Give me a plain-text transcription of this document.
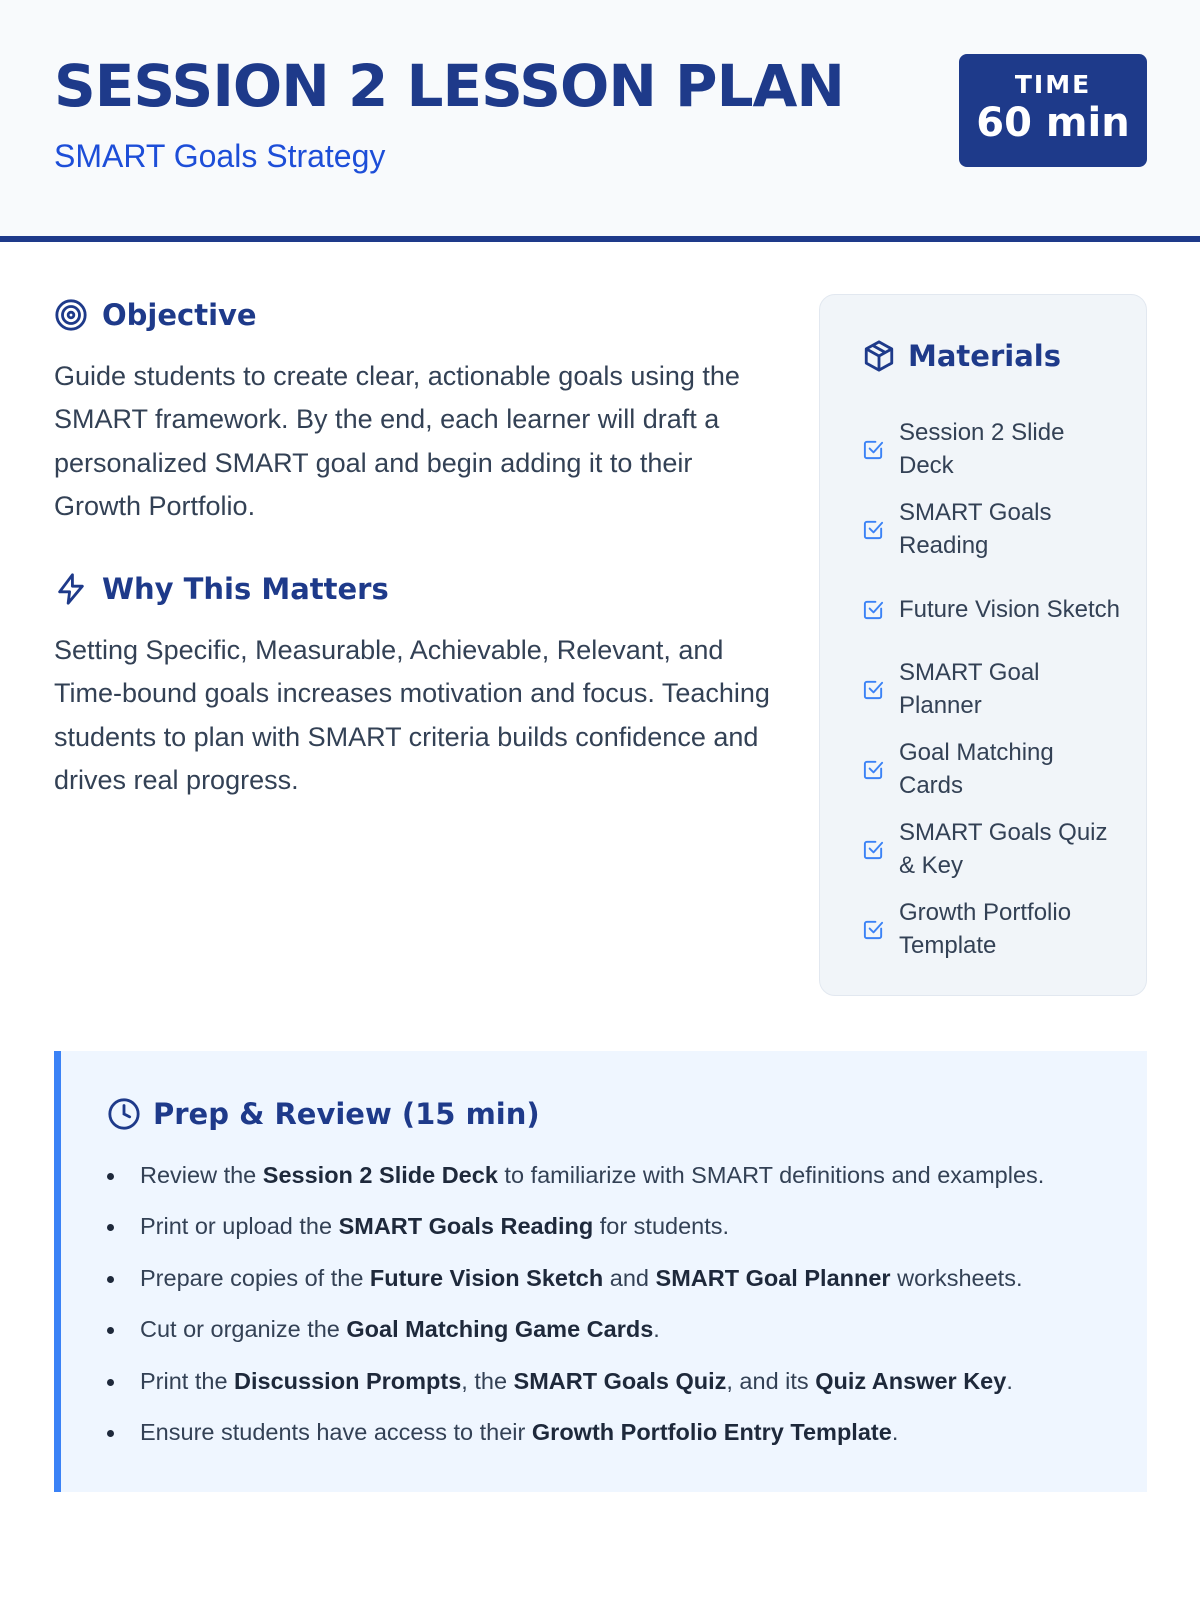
SESSION 2 LESSON PLAN
SMART Goals Strategy
TIME
60 min
Objective

Guide students to create clear, actionable goals using the SMART framework. By the end, each learner will draft a personalized SMART goal and begin adding it to their Growth Portfolio.

Why This Matters

Setting Specific, Measurable, Achievable, Relevant, and Time-bound goals increases motivation and focus. Teaching students to plan with SMART criteria builds confidence and drives real progress.

Materials
Session 2 Slide Deck
SMART Goals Reading
Future Vision Sketch
SMART Goal Planner
Goal Matching Cards
SMART Goals Quiz & Key
Growth Portfolio Template
Prep & Review (15 min)
Review the Session 2 Slide Deck to familiarize with SMART definitions and examples.
Print or upload the SMART Goals Reading for students.
Prepare copies of the Future Vision Sketch and SMART Goal Planner worksheets.
Cut or organize the Goal Matching Game Cards.
Print the Discussion Prompts, the SMART Goals Quiz, and its Quiz Answer Key.
Ensure students have access to their Growth Portfolio Entry Template.
